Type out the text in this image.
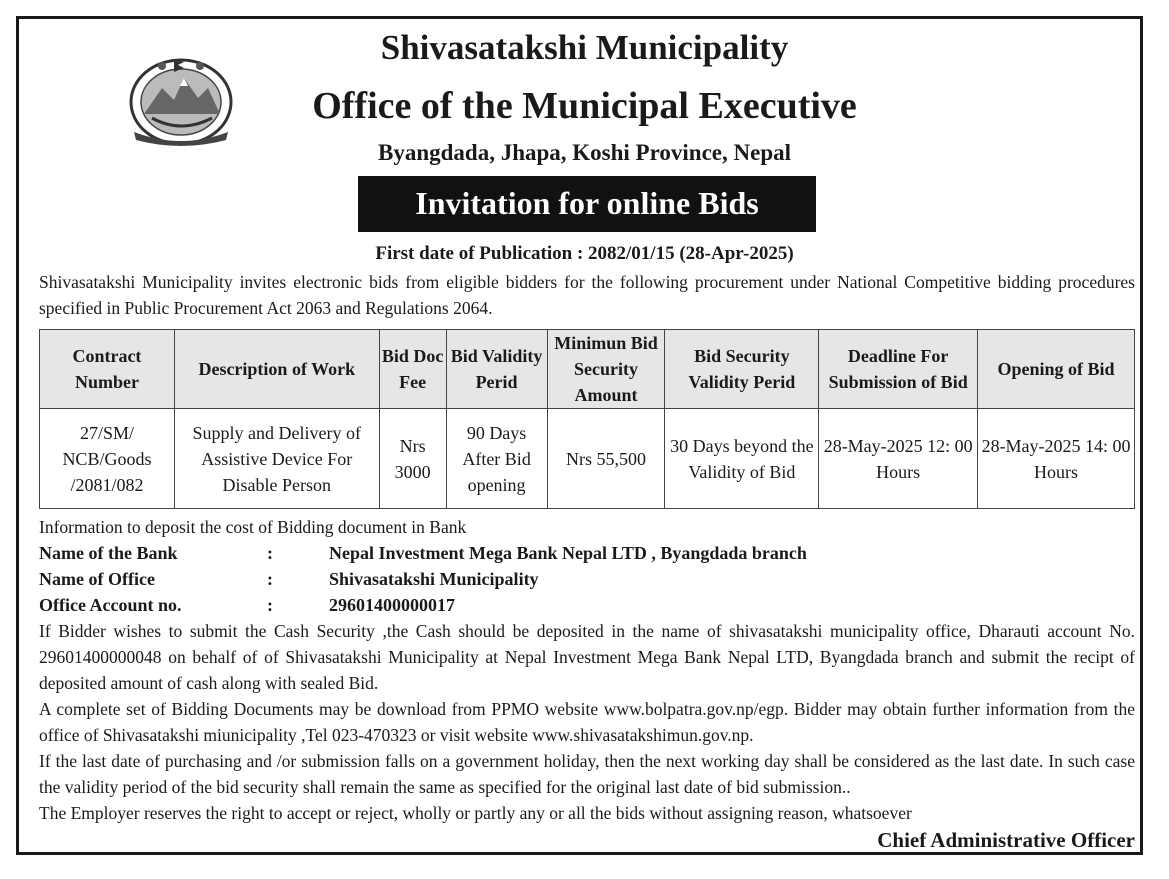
Shivasatakshi Municipality
Office of the Municipal Executive
Byangdada, Jhapa, Koshi Province, Nepal
Invitation for online Bids
First date of Publication : 2082/01/15 (28-Apr-2025)
Shivasatakshi Municipality invites electronic bids from eligible bidders for the following procurement under National Competitive bidding procedures specified in Public Procurement Act 2063 and Regulations 2064.
Contract Number	Description of Work	Bid Doc Fee	Bid Validity Perid	Minimun Bid Security Amount	Bid Security Validity Perid	Deadline For Submission of Bid	Opening of Bid
27/SM/ NCB/Goods /2081/082	Supply and Delivery of Assistive Device For Disable Person	Nrs 3000	90 Days After Bid opening	Nrs 55,500	30 Days beyond the Validity of Bid	28-May-2025 12: 00 Hours	28-May-2025 14: 00 Hours
Information to deposit the cost of Bidding document in Bank
Name of the Bank	:	Nepal Investment Mega Bank Nepal LTD , Byangdada branch
Name of Office	:	Shivasatakshi Municipality
Office Account no.	:	29601400000017
If Bidder wishes to submit the Cash Security ,the Cash should be deposited in the name of shivasatakshi municipality office, Dharauti account No. 29601400000048 on behalf of of Shivasatakshi Municipality at Nepal Investment Mega Bank Nepal LTD, Byangdada branch and submit the recipt of deposited amount of cash along with sealed Bid.
A complete set of Bidding Documents may be download from PPMO website www.bolpatra.gov.np/egp. Bidder may obtain further information from the office of Shivasatakshi miunicipality ,Tel 023-470323 or visit website www.shivasatakshimun.gov.np.
If the last date of purchasing and /or submission falls on a government holiday, then the next working day shall be considered as the last date. In such case the validity period of the bid security shall remain the same as specified for the original last date of bid submission..
The Employer reserves the right to accept or reject, wholly or partly any or all the bids without assigning reason, whatsoever
Chief Administrative Officer
